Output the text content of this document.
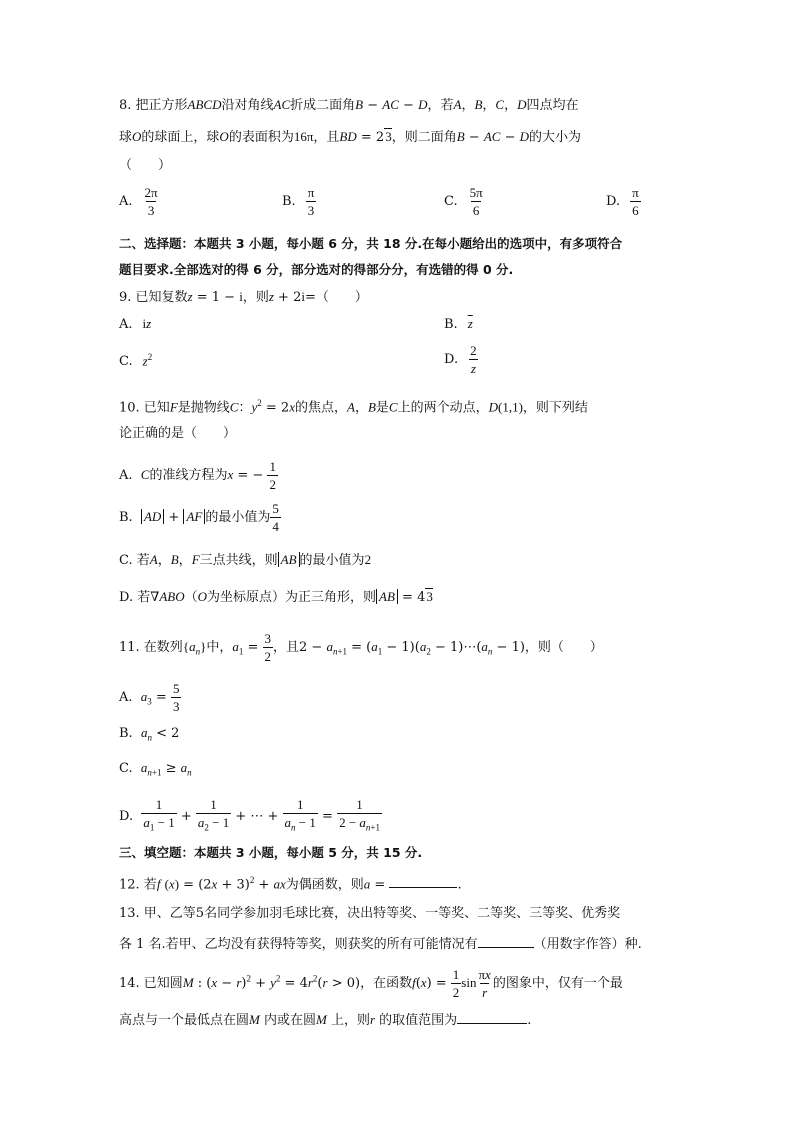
8. 把正方形ABCD沿对角线AC折成二面角B − AC − D，若A，B，C，D四点均在
球O的球面上，球O的表面积为16π，且BD = 23，则二面角B − AC − D的大小为
（　　）
A. $\frac{2\pi}{3}$	B. $\frac{\pi}{3}$	C. $\frac{5\pi}{6}$	D. $\frac{\pi}{6}$
二、选择题：本题共 3 小题，每小题 6 分，共 18 分.在每小题给出的选项中，有多项符合
题目要求.全部选对的得 6 分，部分选对的得部分分，有选错的得 0 分.
9. 已知复数z = 1 − i，则z + 2i=（　　）
A. iz	B. $\overline{z}$
C. $z^2$	D. $\frac{2}{z}$
10. 已知F是抛物线C：$y^2 = 2x$的焦点，A，B是C上的两个动点，D(1,1)，则下列结
论正确的是（　　）
A.  C的准线方程为x = − $\frac{1}{2}$
B.  AD + AF 的最小值为 $\frac{5}{4}$
C. 若A，B，F三点共线，则 AB 的最小值为2
D. 若∇ABO（O为坐标原点）为正三角形，则 AB = 43
11. 在数列$\{a_n\}$中，$a_1 = \frac{3}{2}$ ，且$2 - a_{n+1} = (a_1 - 1)(a_2$ − $1)\cdots(a_n - 1)$，则（　　）
A.  $a_3 = \frac{5}{3}$
B.  $a_n < 2$
C.  $a_{n+1} \ge a_n$
D. $\frac{1}{a_1 - 1} + \frac{1}{a_2 - 1}$ + ⋯ + $\frac{1}{a_n - 1} = \frac{1}{2 - a_{n+1}}$
三、填空题：本题共 3 小题，每小题 5 分，共 15 分.
12. 若f $(x) = (2x + 3)^2$ + ax为偶函数，则a =	.
13. 甲、乙等5名同学参加羽毛球比赛，决出特等奖、一等奖、二等奖、三等奖、优秀奖
各 1 名.若甲、乙均没有获得特等奖，则获奖的所有可能情况有	（用数字作答）种.
14. 已知圆M : $(x - r)^2 + y^2 = 4r^2(r > 0)$，在函数$f(x) = \frac{1}{2}$ $\sin \frac{\pi x}{r}$ 的图象中，仅有一个最
高点与一个最低点在圆M 内或在圆M 上，则r 的取值范围为	.
